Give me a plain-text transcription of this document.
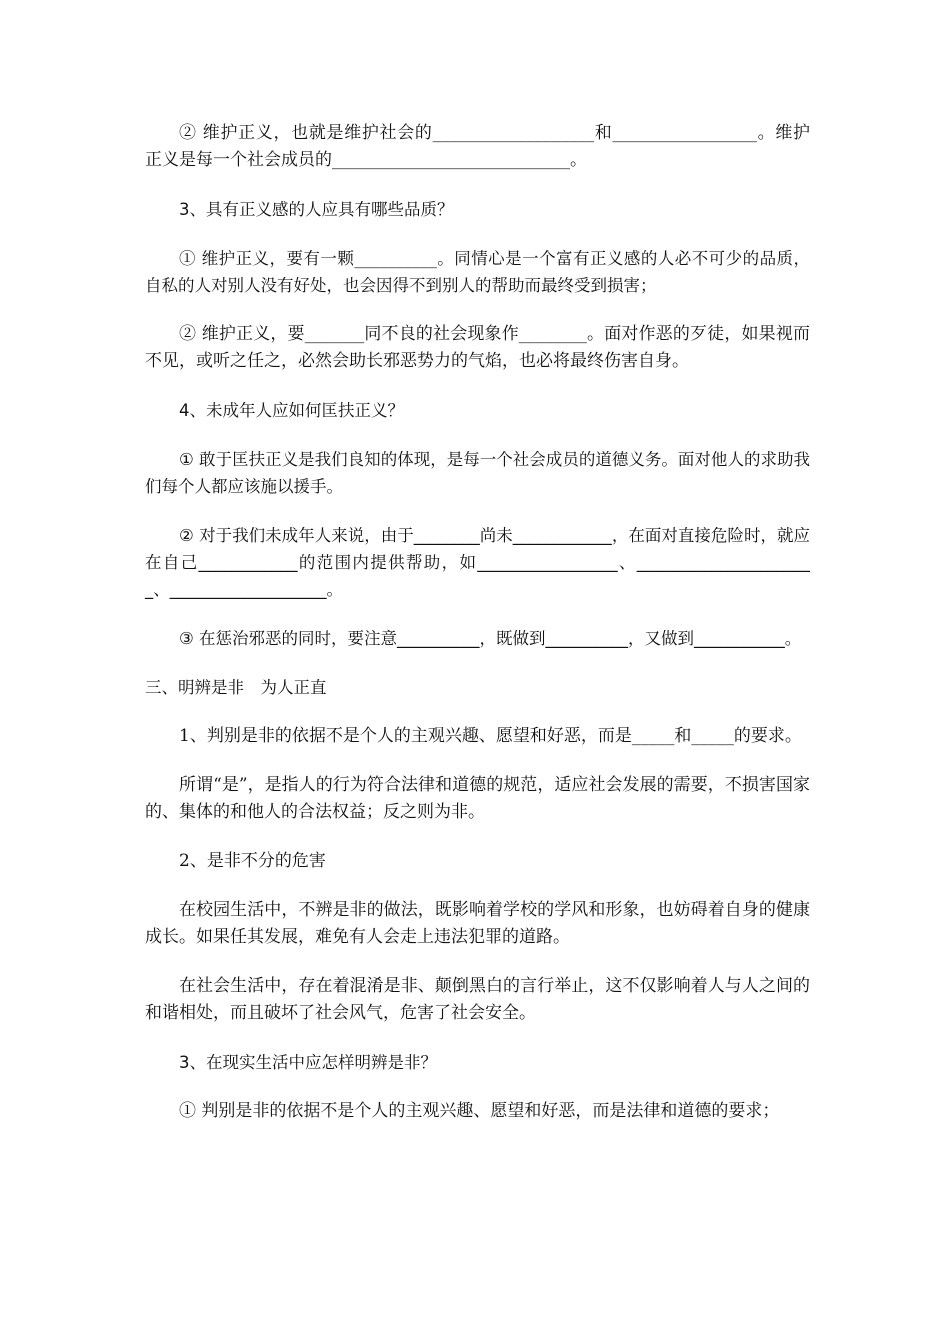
② 维护正义，也就是维护社会的___________________和_________________。维护正义是每一个社会成员的____________________________。

3、具有正义感的人应具有哪些品质？

① 维护正义，要有一颗__________。同情心是一个富有正义感的人必不可少的品质，自私的人对别人没有好处，也会因得不到别人的帮助而最终受到损害；

② 维护正义，要_______同不良的社会现象作________。面对作恶的歹徒，如果视而不见，或听之任之，必然会助长邪恶势力的气焰，也必将最终伤害自身。

4、未成年人应如何匡扶正义？

① 敢于匡扶正义是我们良知的体现，是每一个社会成员的道德义务。面对他人的求助我们每个人都应该施以援手。

② 对于我们未成年人来说，由于________尚未____________，在面对直接危险时，就应在自己____________的范围内提供帮助，如_________________、______________________、___________________。

③ 在惩治邪恶的同时，要注意__________，既做到__________，又做到___________。

三、明辨是非　为人正直

1、判别是非的依据不是个人的主观兴趣、愿望和好恶，而是_____和_____的要求。

所谓“是”，是指人的行为符合法律和道德的规范，适应社会发展的需要，不损害国家的、集体的和他人的合法权益；反之则为非。

2、是非不分的危害

在校园生活中，不辨是非的做法，既影响着学校的学风和形象，也妨碍着自身的健康成长。如果任其发展，难免有人会走上违法犯罪的道路。

在社会生活中，存在着混淆是非、颠倒黑白的言行举止，这不仅影响着人与人之间的和谐相处，而且破坏了社会风气，危害了社会安全。

3、在现实生活中应怎样明辨是非？

① 判别是非的依据不是个人的主观兴趣、愿望和好恶，而是法律和道德的要求；
